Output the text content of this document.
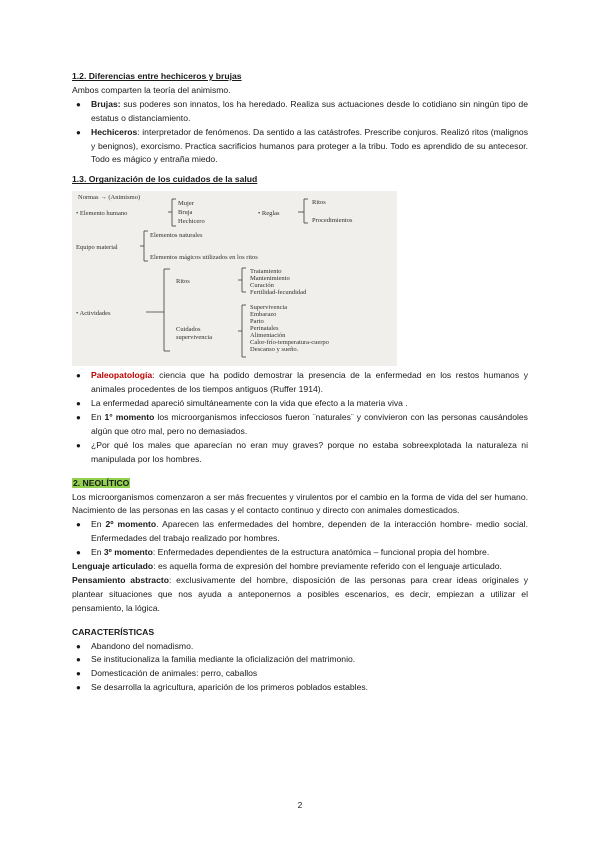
1.2. Diferencias entre hechiceros y brujas

Ambos comparten la teoría del animismo.

● Brujas: sus poderes son innatos, los ha heredado. Realiza sus actuaciones desde lo cotidiano sin ningún tipo de estatus o distanciamiento.
● Hechiceros: interpretador de fenómenos. Da sentido a las catástrofes. Prescribe conjuros. Realizó ritos (malignos y benignos), exorcismo. Practica sacrificios humanos para proteger a la tribu. Todo es aprendido de su antecesor. Todo es mágico y entraña miedo.

1.3. Organización de los cuidados de la salud

Normas → (Animismo)
• Elemento humano
Mujer
Bruja
Hechicero
• Reglas
Ritos
Procedimientos
Equipo material
Elementos naturales
Elementos mágicos utilizados en los ritos
Ritos
Tratamiento
Mantenimiento
Curación
Fertilidad-fecundidad
• Actividades
Cuidados
supervivencia
Supervivencia
Embarazo
Parto
Perinatales
Alimentación
Calor-frío-temperatura-cuerpo
Descanso y sueño.
● Paleopatología: ciencia que ha podido demostrar la presencia de la enfermedad en los restos humanos y animales procedentes de los tiempos antiguos (Ruffer 1914).
● La enfermedad apareció simultáneamente con la vida que efecto a la materia viva .
● En 1° momento los microorganismos infecciosos fueron ¨naturales¨ y convivieron con las personas causándoles algún que otro mal, pero no demasiados.
● ¿Por qué los males que aparecían no eran muy graves? porque no estaba sobreexplotada la naturaleza ni manipulada por los hombres.

2. NEOLÍTICO

Los microorganismos comenzaron a ser más frecuentes y virulentos por el cambio en la forma de vida del ser humano. Nacimiento de las personas en las casas y el contacto continuo y directo con animales domesticados.

● En 2º momento. Aparecen las enfermedades del hombre, dependen de la interacción hombre- medio social. Enfermedades del trabajo realizado por hombres.
● En 3º momento: Enfermedades dependientes de la estructura anatómica – funcional propia del hombre.

Lenguaje articulado: es aquella forma de expresión del hombre previamente referido con el lenguaje articulado.

Pensamiento abstracto: exclusivamente del hombre, disposición de las personas para crear ideas originales y plantear situaciones que nos ayuda a anteponernos a posibles escenarios, es decir, empiezan a utilizar el pensamiento, la lógica.

CARACTERÍSTICAS

● Abandono del nomadismo.
● Se institucionaliza la familia mediante la oficialización del matrimonio.
● Domesticación de animales: perro, caballos
● Se desarrolla la agricultura, aparición de los primeros poblados estables.
2
